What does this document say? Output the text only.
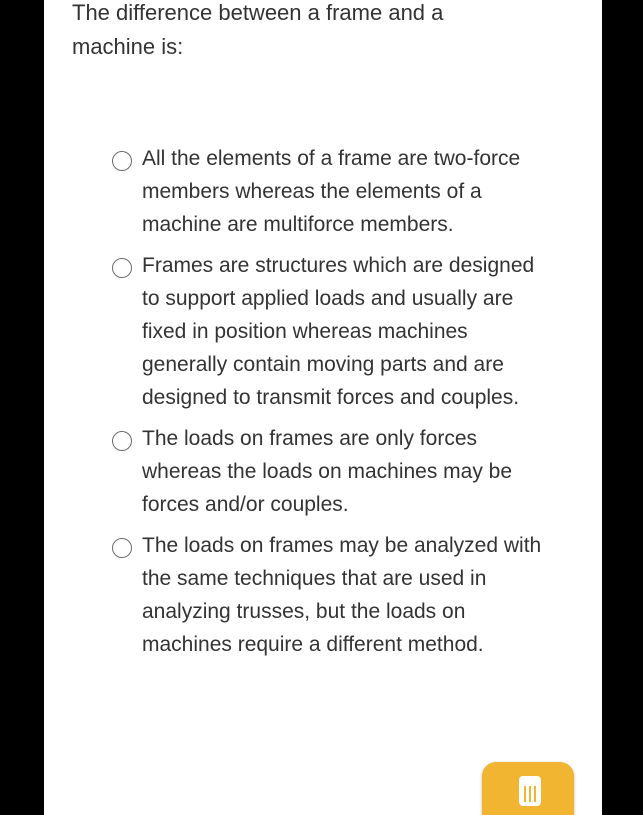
The difference between a frame and a machine is:

All the elements of a frame are two-force members whereas the elements of a machine are multiforce members.
Frames are structures which are designed to support applied loads and usually are fixed in position whereas machines generally contain moving parts and are designed to transmit forces and couples.
The loads on frames are only forces whereas the loads on machines may be forces and/or couples.
The loads on frames may be analyzed with the same techniques that are used in analyzing trusses, but the loads on machines require a different method.
